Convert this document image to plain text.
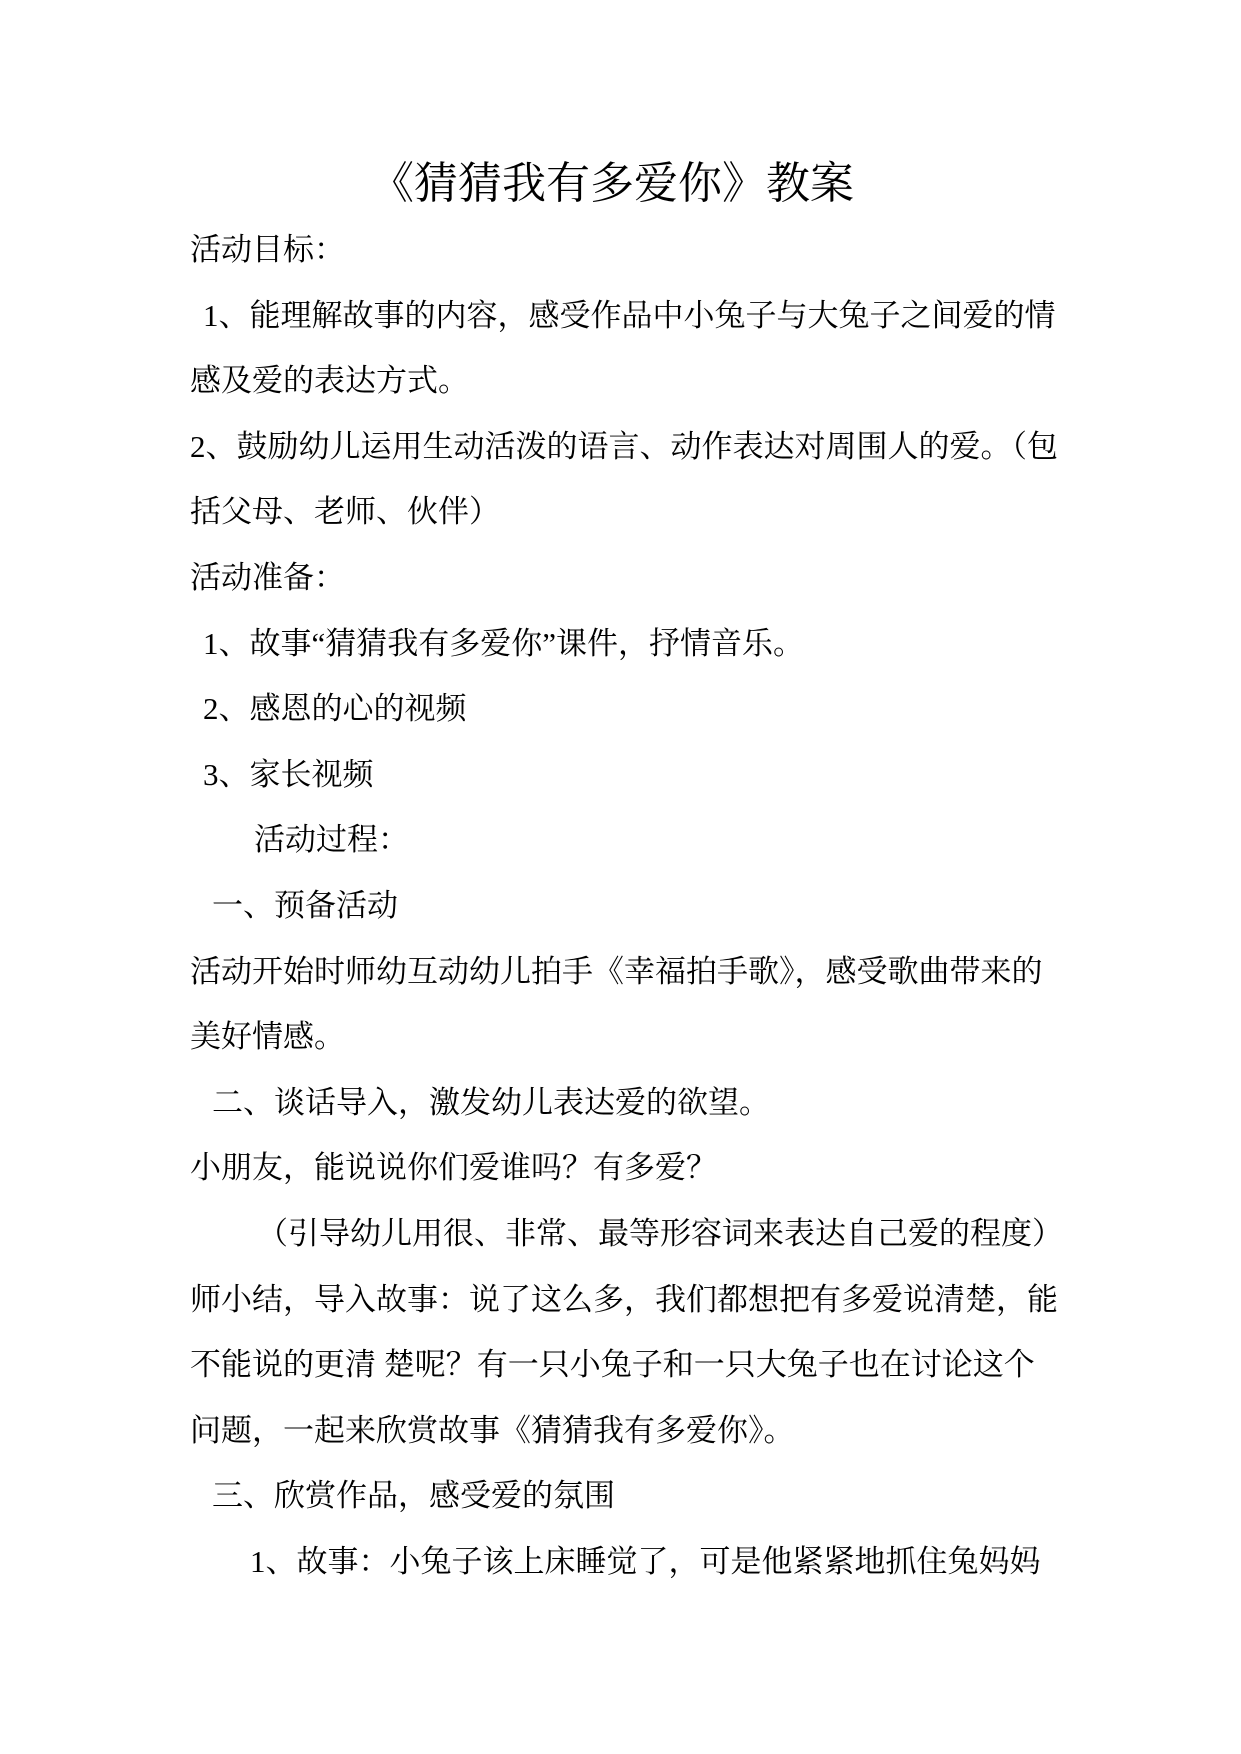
《猜猜我有多爱你》教案
活动目标：
1、能理解故事的内容，感受作品中小兔子与大兔子之间爱的情
感及爱的表达方式。
2、鼓励幼儿运用生动活泼的语言、动作表达对周围人的爱。（包
括父母、老师、伙伴）
活动准备：
1、故事“猜猜我有多爱你”课件，抒情音乐。
2、感恩的心的视频
3、家长视频
活动过程：
一、预备活动
活动开始时师幼互动幼儿拍手《幸福拍手歌》，感受歌曲带来的
美好情感。
二、谈话导入，激发幼儿表达爱的欲望。
小朋友，能说说你们爱谁吗？有多爱？
（引导幼儿用很、非常、最等形容词来表达自己爱的程度）
师小结，导入故事：说了这么多，我们都想把有多爱说清楚，能
不能说的更清 楚呢？有一只小兔子和一只大兔子也在讨论这个
问题，一起来欣赏故事《猜猜我有多爱你》。
三、欣赏作品，感受爱的氛围
1、故事：小兔子该上床睡觉了，可是他紧紧地抓住兔妈妈
